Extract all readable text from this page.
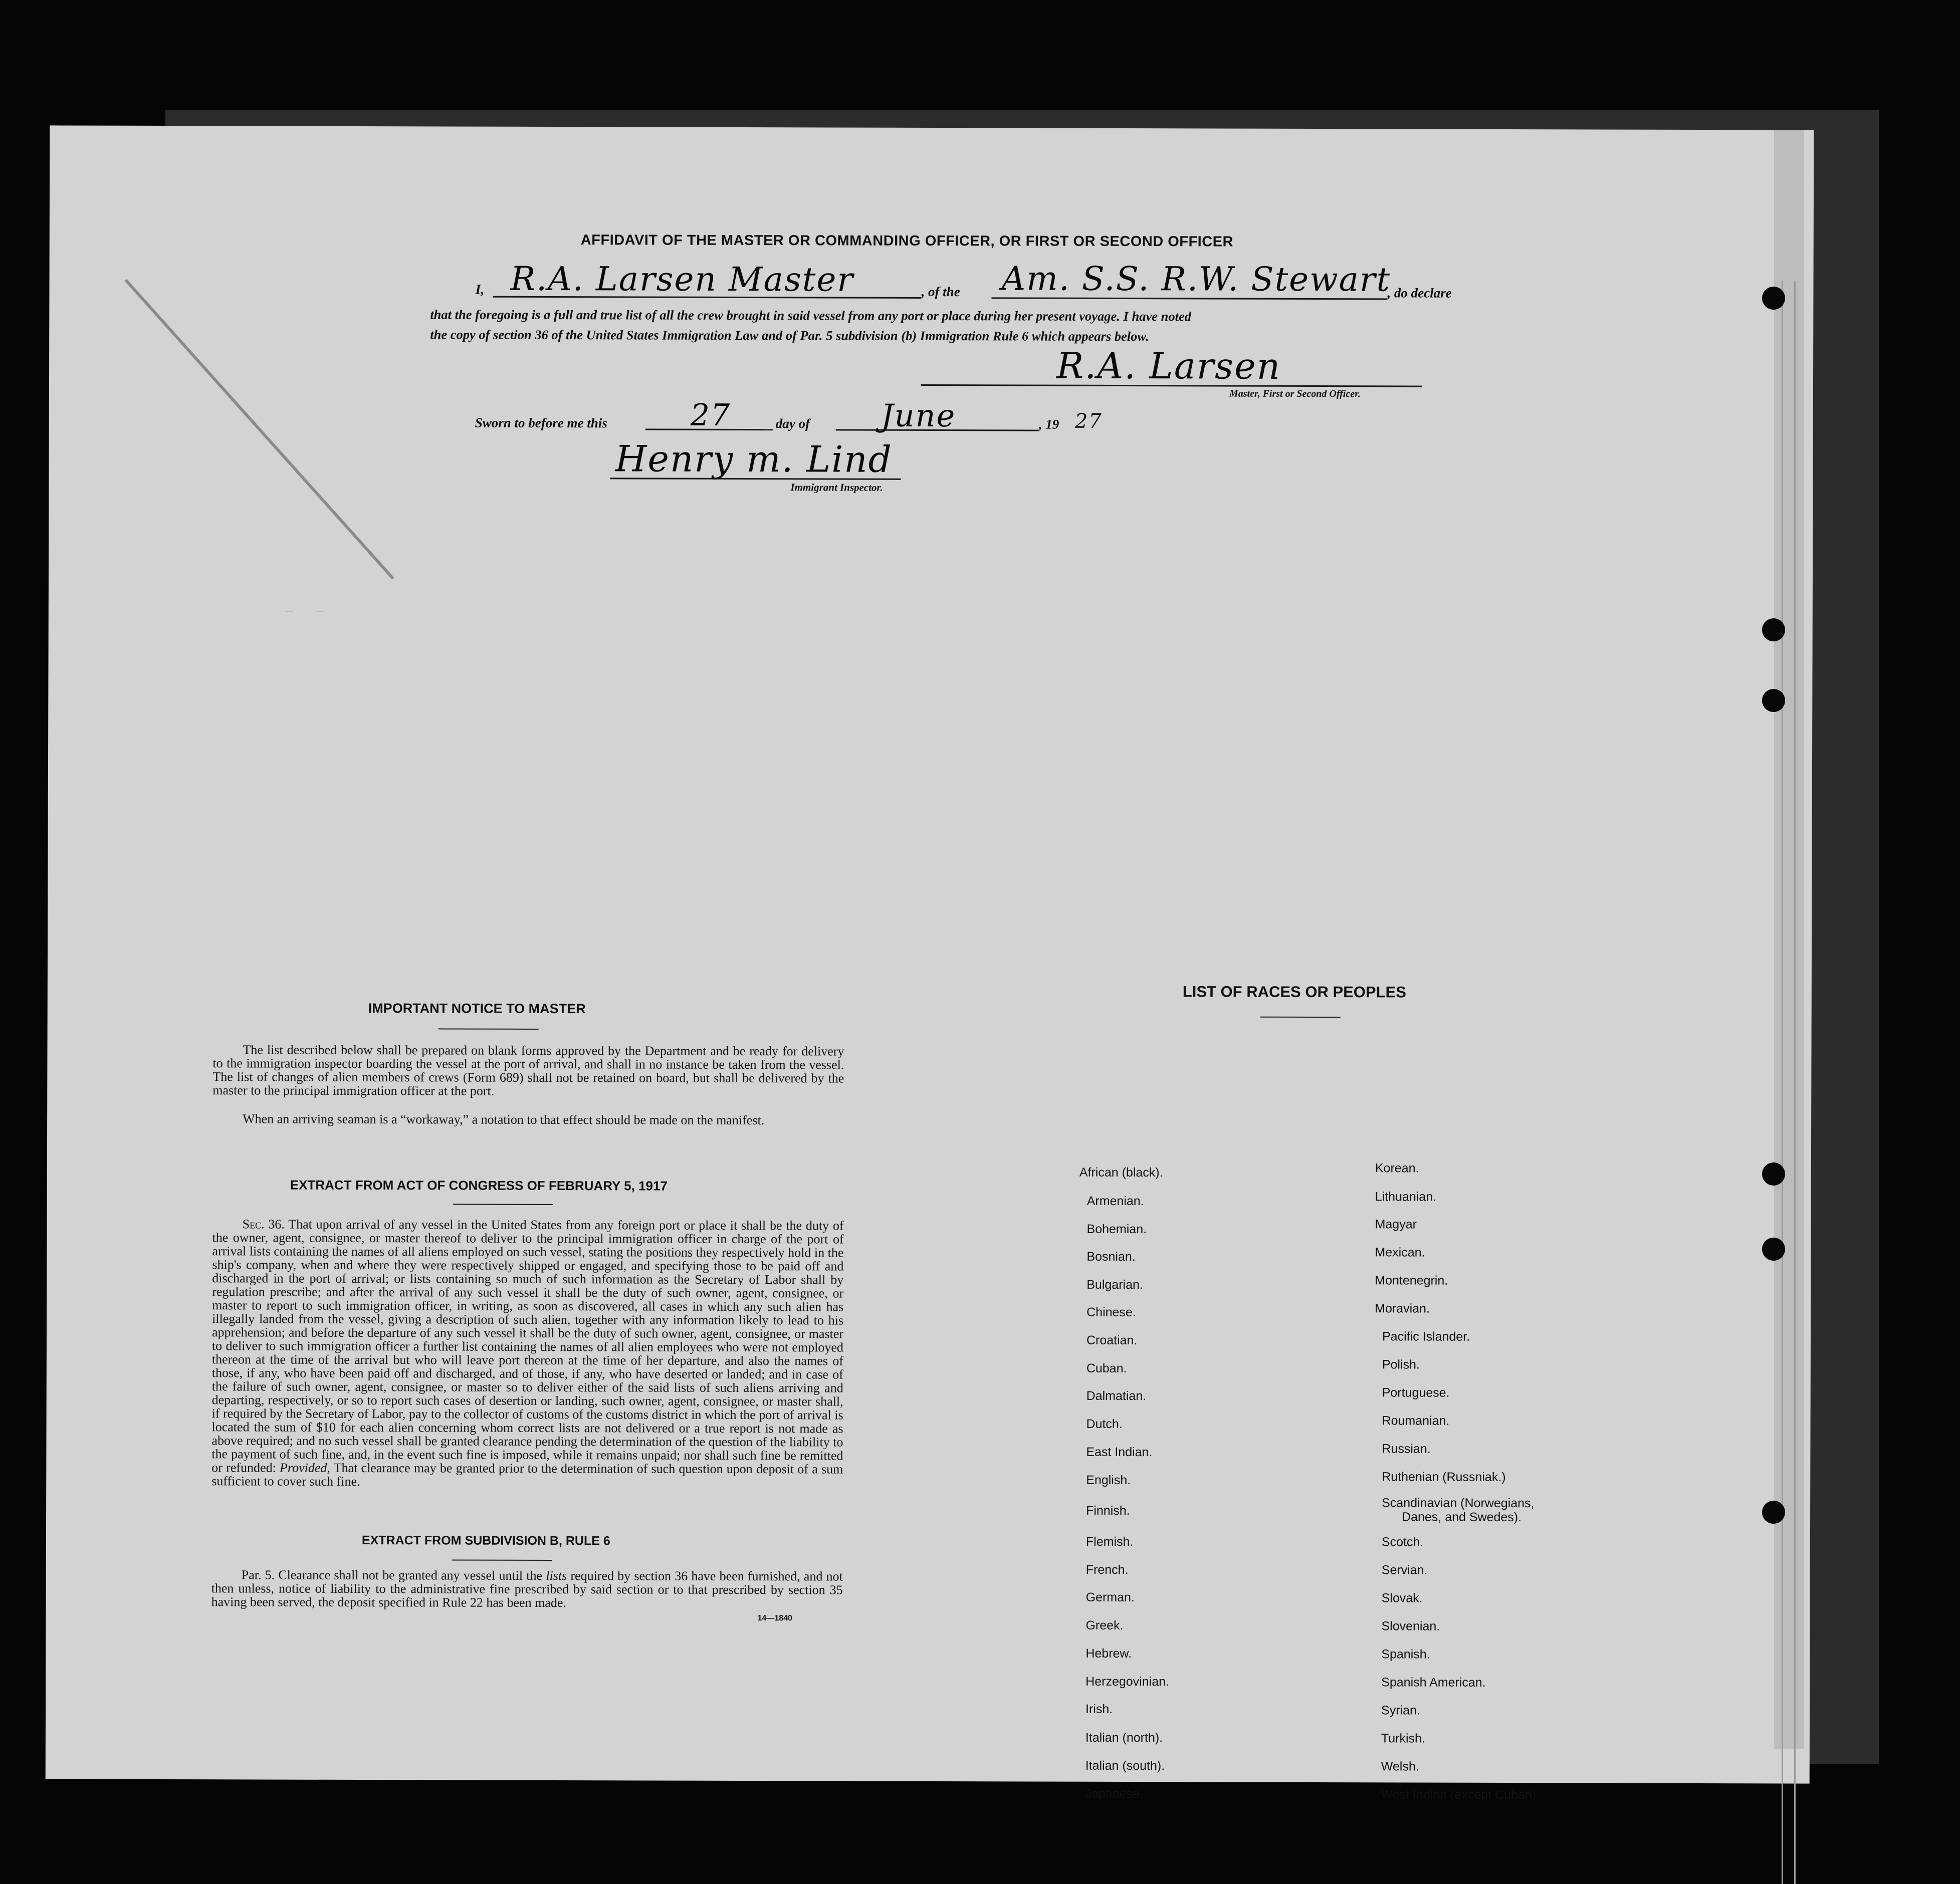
–  –
AFFIDAVIT OF THE MASTER OR COMMANDING OFFICER, OR FIRST OR SECOND OFFICER
I, R.A. Larsen Master	, of the Am. S.S. R.W. Stewart
, do declare
that the foregoing is a full and true list of all the crew brought in said vessel from any port or place during her present voyage. I have noted
the copy of section 36 of the United States Immigration Law and of Par. 5 subdivision (b) Immigration Rule 6 which appears below.
R.A. Larsen
Master, First or Second Officer.
Sworn to before me this	27	day of June	, 19 27
Henry m. Lind
Immigrant Inspector.
IMPORTANT NOTICE TO MASTER
The list described below shall be prepared on blank forms approved by the Department and be ready for delivery to the immigration inspector boarding the vessel at the port of arrival, and shall in no instance be taken from the vessel. The list of changes of alien members of crews (Form 689) shall not be retained on board, but shall be delivered by the master to the principal immigration officer at the port.
When an arriving seaman is a “workaway,” a notation to that effect should be made on the manifest.
EXTRACT FROM ACT OF CONGRESS OF FEBRUARY 5, 1917
Sec. 36. That upon arrival of any vessel in the United States from any foreign port or place it shall be the duty of the owner, agent, consignee, or master thereof to deliver to the principal immigration officer in charge of the port of arrival lists containing the names of all aliens employed on such vessel, stating the positions they respectively hold in the ship's company, when and where they were respectively shipped or engaged, and specifying those to be paid off and discharged in the port of arrival; or lists containing so much of such information as the Secretary of Labor shall by regulation prescribe; and after the arrival of any such vessel it shall be the duty of such owner, agent, consignee, or master to report to such immigration officer, in writing, as soon as discovered, all cases in which any such alien has illegally landed from the vessel, giving a description of such alien, together with any information likely to lead to his apprehension; and before the departure of any such vessel it shall be the duty of such owner, agent, consignee, or master to deliver to such immigration officer a further list containing the names of all alien employees who were not employed thereon at the time of the arrival but who will leave port thereon at the time of her departure, and also the names of those, if any, who have been paid off and discharged, and of those, if any, who have deserted or landed; and in case of the failure of such owner, agent, consignee, or master so to deliver either of the said lists of such aliens arriving and departing, respectively, or so to report such cases of desertion or landing, such owner, agent, consignee, or master shall, if required by the Secretary of Labor, pay to the collector of customs of the customs district in which the port of arrival is located the sum of $10 for each alien concerning whom correct lists are not delivered or a true report is not made as above required; and no such vessel shall be granted clearance pending the determination of the question of the liability to the payment of such fine, and, in the event such fine is imposed, while it remains unpaid; nor shall such fine be remitted or refunded: Provided, That clearance may be granted prior to the determination of such question upon deposit of a sum sufficient to cover such fine.
EXTRACT FROM SUBDIVISION B, RULE 6
Par. 5. Clearance shall not be granted any vessel until the lists required by section 36 have been furnished, and not then unless, notice of liability to the administrative fine prescribed by said section or to that prescribed by section 35 having been served, the deposit specified in Rule 22 has been made.
14—1840
LIST OF RACES OR PEOPLES
African (black).
Armenian.
Bohemian.
Bosnian.
Bulgarian.
Chinese.
Croatian.
Cuban.
Dalmatian.
Dutch.
East Indian.
English.
Finnish.
Flemish.
French.
German.
Greek.
Hebrew.
Herzegovinian.
Irish.
Italian (north).
Italian (south).
Japanese.
Korean.
Lithuanian.
Magyar
Mexican.
Montenegrin.
Moravian.
Pacific Islander.
Polish.
Portuguese.
Roumanian.
Russian.
Ruthenian (Russniak.)
Scandinavian (Norwegians,
Danes, and Swedes).
Scotch.
Servian.
Slovak.
Slovenian.
Spanish.
Spanish American.
Syrian.
Turkish.
Welsh.
West Indian (except Cuban).
